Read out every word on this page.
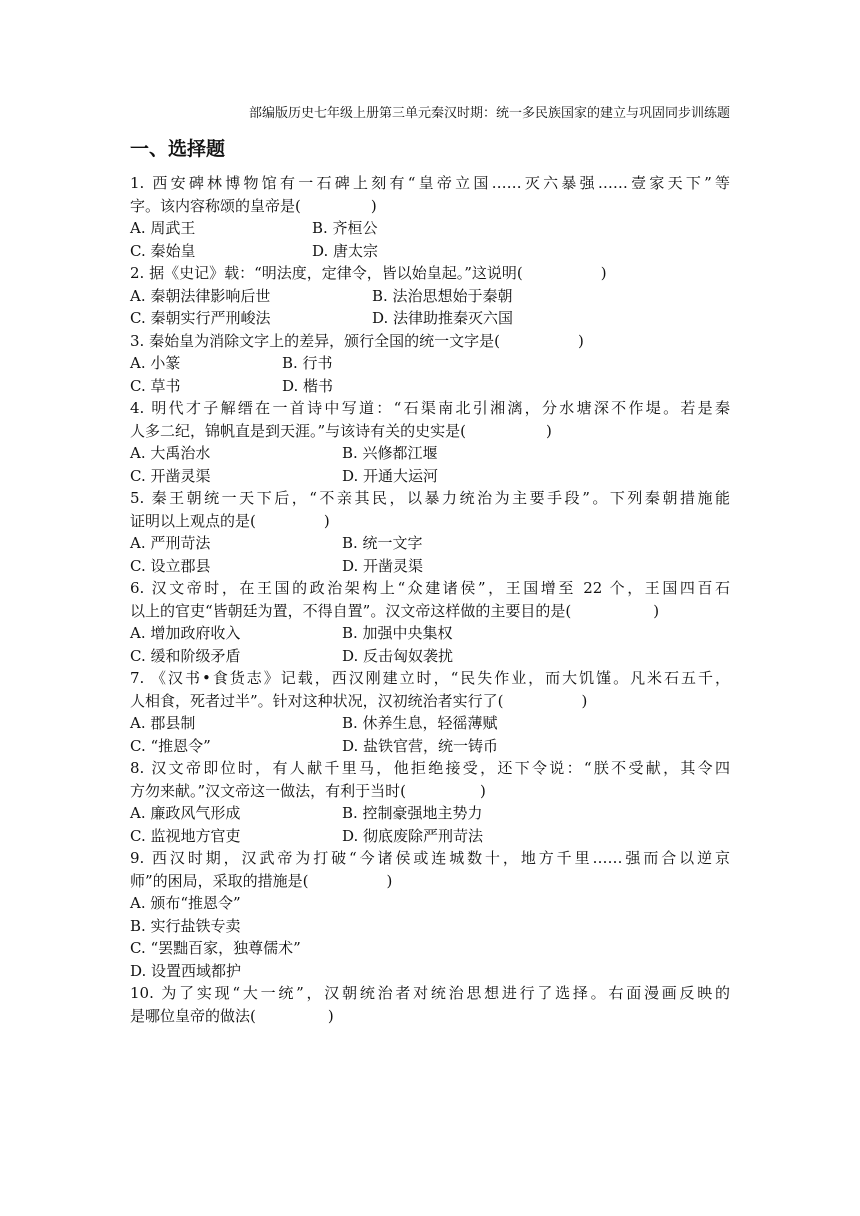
部编版历史七年级上册第三单元秦汉时期：统一多民族国家的建立与巩固同步训练题
一、选择题
1. 西安碑林博物馆有一石碑上刻有“皇帝立国……灭六暴强……壹家天下”等
字。该内容称颂的皇帝是(	)
A. 周武王	B. 齐桓公
C. 秦始皇	D. 唐太宗
2. 据《史记》载：“明法度，定律令，皆以始皇起。”这说明(	)
A. 秦朝法律影响后世	B. 法治思想始于秦朝
C. 秦朝实行严刑峻法	D. 法律助推秦灭六国
3. 秦始皇为消除文字上的差异，颁行全国的统一文字是(	)
A. 小篆	B. 行书
C. 草书	D. 楷书
4. 明代才子解缙在一首诗中写道：“石渠南北引湘漓，分水塘深不作堤。若是秦
人多二纪，锦帆直是到天涯。”与该诗有关的史实是(	)
A. 大禹治水	B. 兴修都江堰
C. 开凿灵渠	D. 开通大运河
5. 秦王朝统一天下后，“不亲其民，以暴力统治为主要手段”。下列秦朝措施能
证明以上观点的是(	)
A. 严刑苛法	B. 统一文字
C. 设立郡县	D. 开凿灵渠
6. 汉文帝时，在王国的政治架构上“众建诸侯”，王国增至 22 个，王国四百石
以上的官吏“皆朝廷为置，不得自置”。汉文帝这样做的主要目的是(	)
A. 增加政府收入	B. 加强中央集权
C. 缓和阶级矛盾	D. 反击匈奴袭扰
7. 《汉书•食货志》记载，西汉刚建立时，“民失作业，而大饥馑。凡米石五千，
人相食，死者过半”。针对这种状况，汉初统治者实行了(	)
A. 郡县制	B. 休养生息，轻徭薄赋
C. “推恩令”	D. 盐铁官营，统一铸币
8. 汉文帝即位时，有人献千里马，他拒绝接受，还下令说：“朕不受献，其令四
方勿来献。”汉文帝这一做法，有利于当时(	)
A. 廉政风气形成	B. 控制豪强地主势力
C. 监视地方官吏	D. 彻底废除严刑苛法
9. 西汉时期，汉武帝为打破“今诸侯或连城数十，地方千里……强而合以逆京
师”的困局，采取的措施是(	)
A. 颁布“推恩令”
B. 实行盐铁专卖
C. “罢黜百家，独尊儒术”
D. 设置西域都护
10. 为了实现“大一统”，汉朝统治者对统治思想进行了选择。右面漫画反映的
是哪位皇帝的做法(	)
